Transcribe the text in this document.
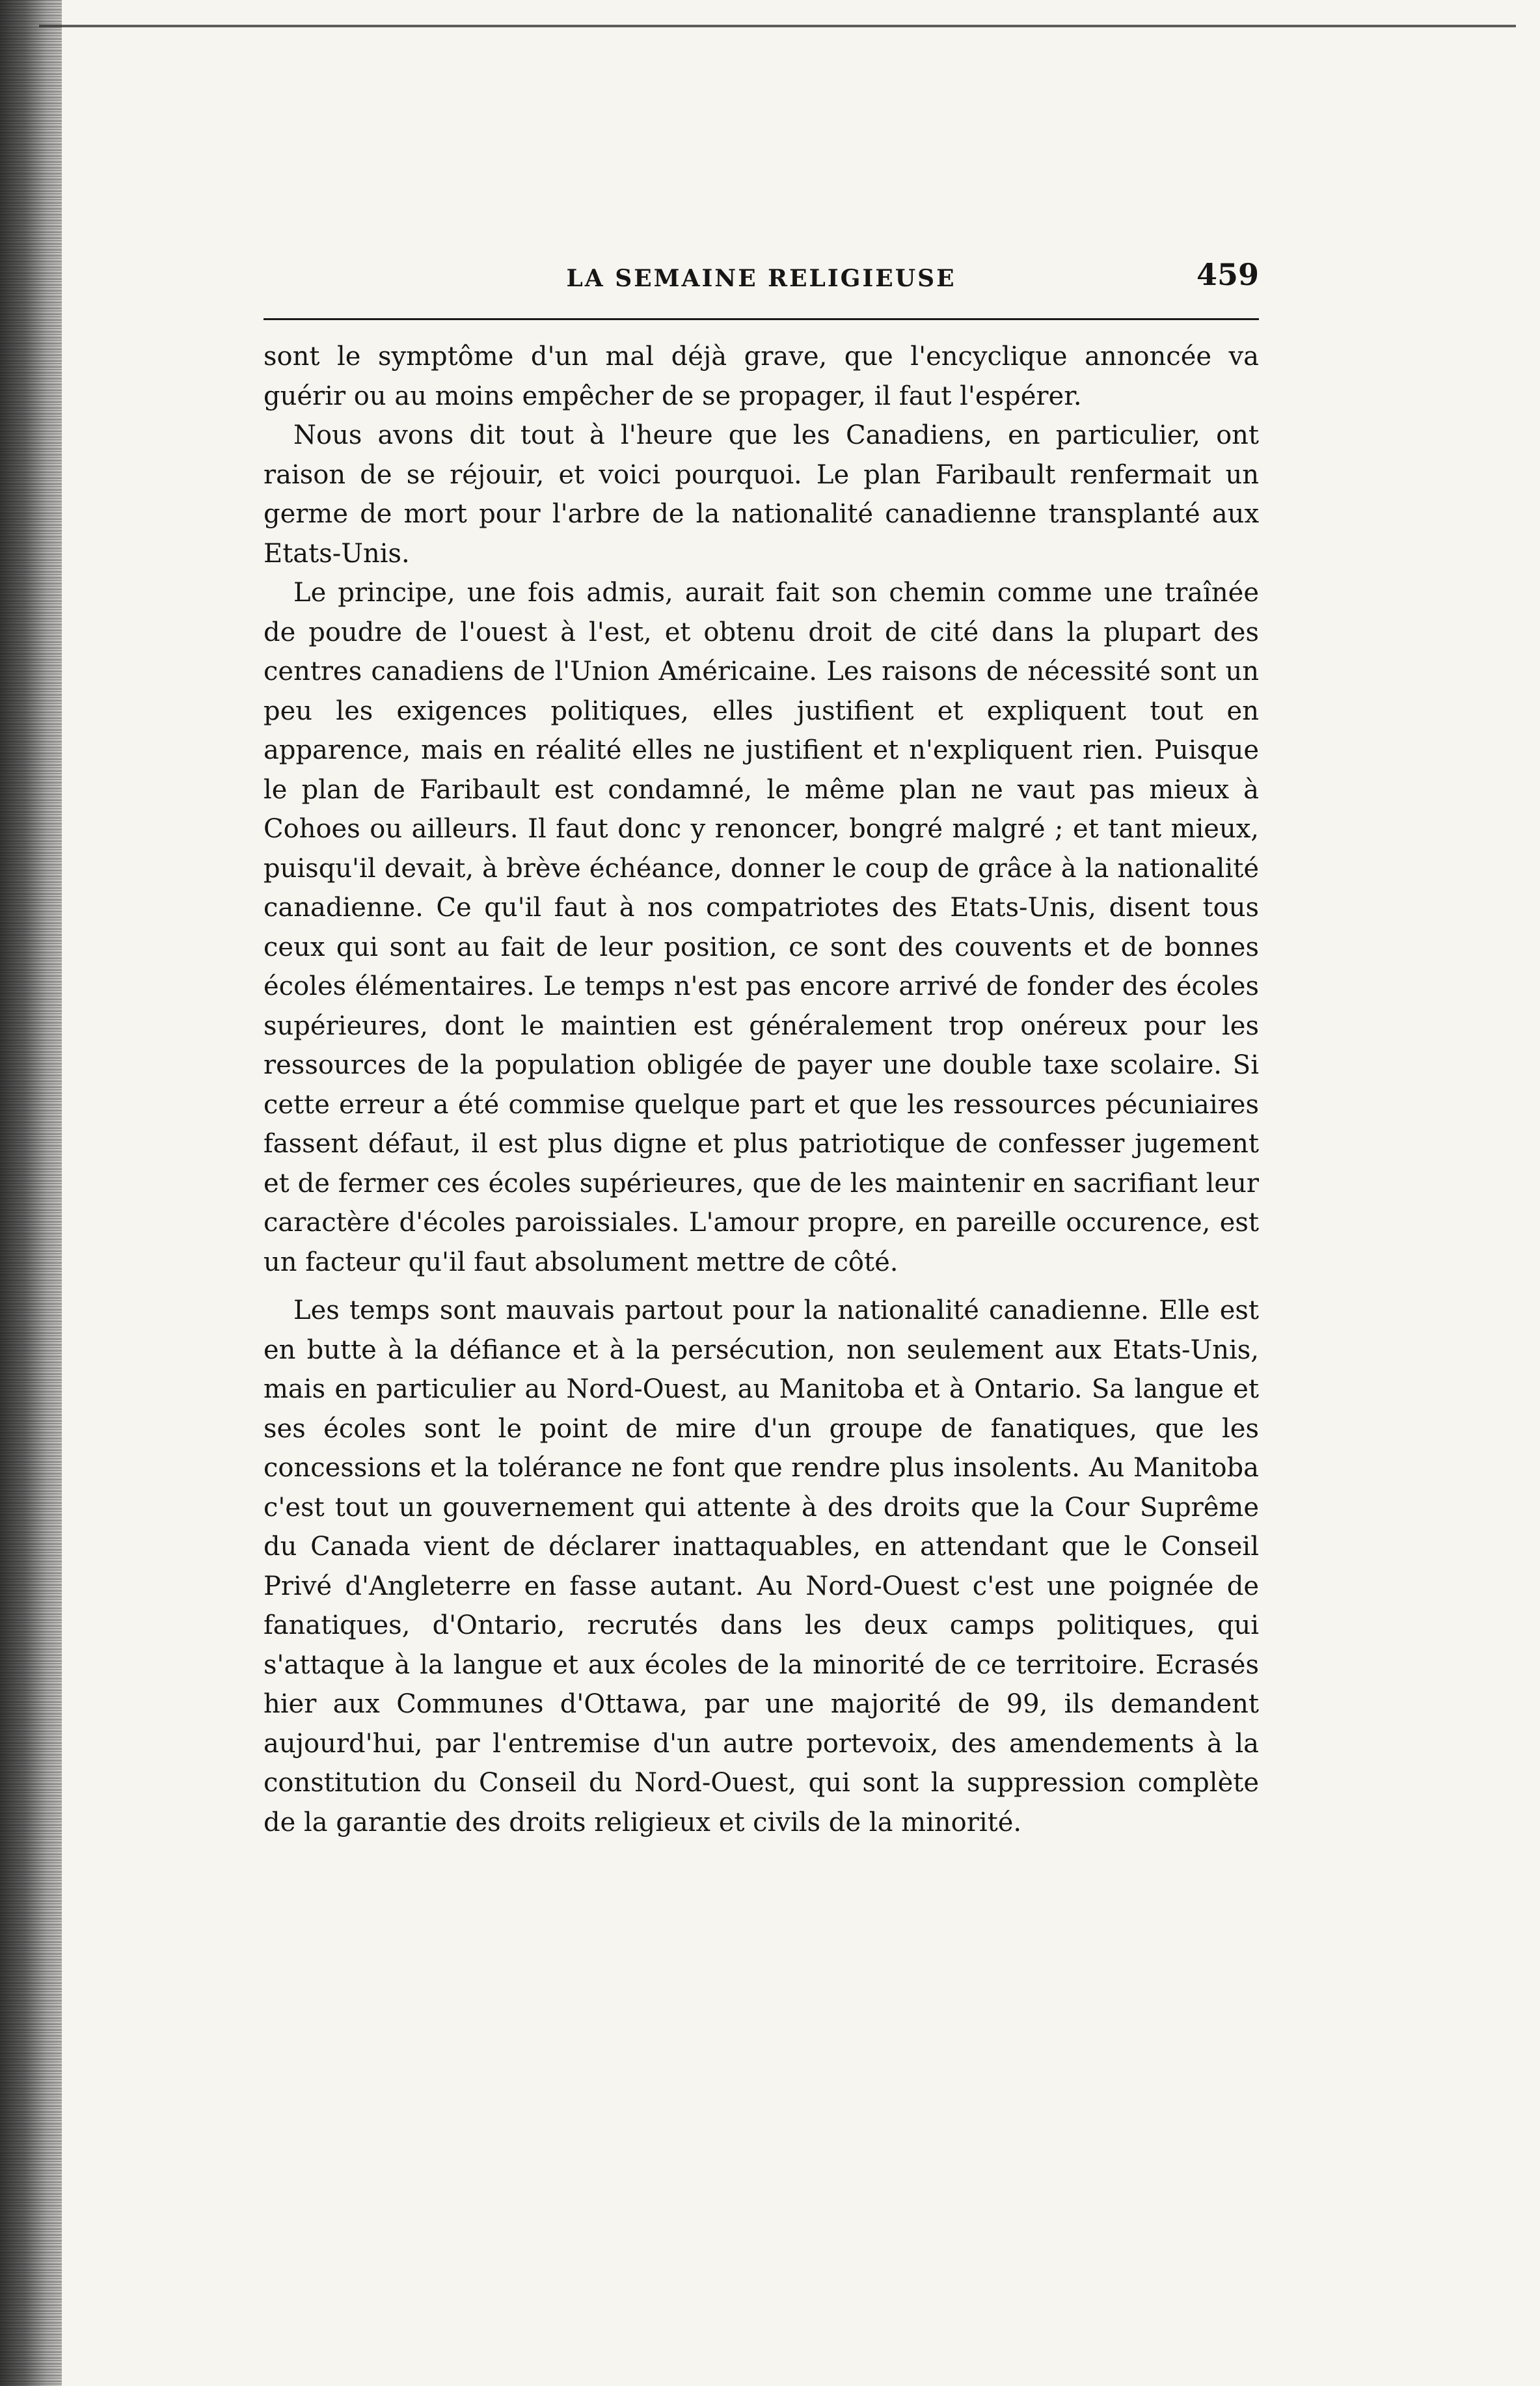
LA SEMAINE RELIGIEUSE	459

sont le symptôme d'un mal déjà grave, que l'encyclique annoncée va guérir ou au moins empêcher de se propager, il faut l'espérer.

Nous avons dit tout à l'heure que les Canadiens, en particulier, ont raison de se réjouir, et voici pourquoi. Le plan Faribault renfermait un germe de mort pour l'arbre de la nationalité canadienne transplanté aux Etats-Unis.

Le principe, une fois admis, aurait fait son chemin comme une traînée de poudre de l'ouest à l'est, et obtenu droit de cité dans la plupart des centres canadiens de l'Union Américaine. Les raisons de nécessité sont un peu les exigences politiques, elles justifient et expliquent tout en apparence, mais en réalité elles ne justifient et n'expliquent rien. Puisque le plan de Faribault est condamné, le même plan ne vaut pas mieux à Cohoes ou ailleurs. Il faut donc y renoncer, bongré malgré ; et tant mieux, puisqu'il devait, à brève échéance, donner le coup de grâce à la nationalité canadienne. Ce qu'il faut à nos compatriotes des Etats-Unis, disent tous ceux qui sont au fait de leur position, ce sont des couvents et de bonnes écoles élémentaires. Le temps n'est pas encore arrivé de fonder des écoles supérieures, dont le maintien est généralement trop onéreux pour les ressources de la population obligée de payer une double taxe scolaire. Si cette erreur a été commise quelque part et que les ressources pécuniaires fassent défaut, il est plus digne et plus patriotique de confesser jugement et de fermer ces écoles supérieures, que de les maintenir en sacrifiant leur caractère d'écoles paroissiales. L'amour propre, en pareille occurence, est un facteur qu'il faut absolument mettre de côté.

Les temps sont mauvais partout pour la nationalité canadienne. Elle est en butte à la défiance et à la persécution, non seulement aux Etats-Unis, mais en particulier au Nord-Ouest, au Manitoba et à Ontario. Sa langue et ses écoles sont le point de mire d'un groupe de fanatiques, que les concessions et la tolérance ne font que rendre plus insolents. Au Manitoba c'est tout un gouvernement qui attente à des droits que la Cour Suprême du Canada vient de déclarer inattaquables, en attendant que le Conseil Privé d'Angleterre en fasse autant. Au Nord-Ouest c'est une poignée de fanatiques, d'Ontario, recrutés dans les deux camps politiques, qui s'attaque à la langue et aux écoles de la minorité de ce territoire. Ecrasés hier aux Communes d'Ottawa, par une majorité de 99, ils demandent aujourd'hui, par l'entremise d'un autre portevoix, des amendements à la constitution du Conseil du Nord-Ouest, qui sont la suppression complète de la garantie des droits religieux et civils de la minorité.
